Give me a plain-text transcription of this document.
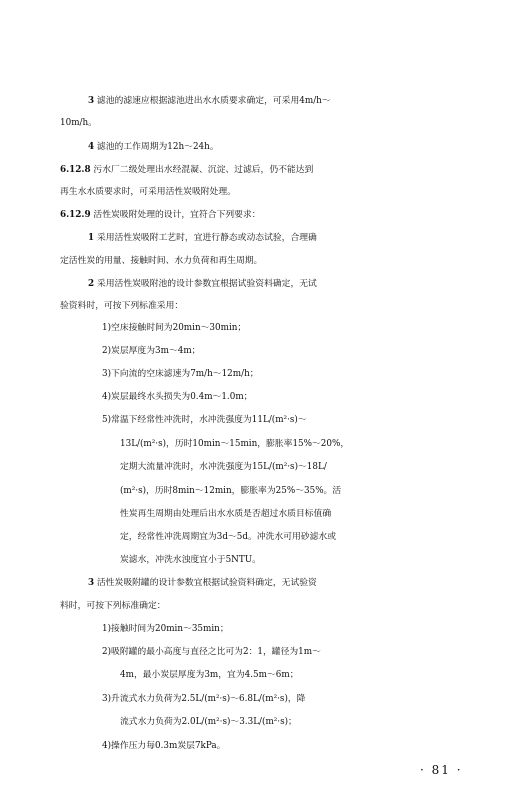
3 滤池的滤速应根据滤池进出水水质要求确定，可采用4m/h～
10m/h。
4 滤池的工作周期为12h～24h。
6.12.8 污水厂二级处理出水经混凝、沉淀、过滤后，仍不能达到
再生水水质要求时，可采用活性炭吸附处理。
6.12.9 活性炭吸附处理的设计，宜符合下列要求：
1 采用活性炭吸附工艺时，宜进行静态或动态试验，合理确
定活性炭的用量、接触时间、水力负荷和再生周期。
2 采用活性炭吸附池的设计参数宜根据试验资料确定，无试
验资料时，可按下列标准采用：
1)空床接触时间为20min～30min；
2)炭层厚度为3m～4m；
3)下向流的空床滤速为7m/h～12m/h；
4)炭层最终水头损失为0.4m～1.0m；
5)常温下经常性冲洗时，水冲洗强度为11L/(m²·s)～
13L/(m²·s)，历时10min～15min，膨胀率15%～20%，
定期大流量冲洗时，水冲洗强度为15L/(m²·s)～18L/
(m²·s)，历时8min～12min，膨胀率为25%～35%。活
性炭再生周期由处理后出水水质是否超过水质目标值确
定，经常性冲洗周期宜为3d～5d。冲洗水可用砂滤水或
炭滤水，冲洗水浊度宜小于5NTU。
3 活性炭吸附罐的设计参数宜根据试验资料确定，无试验资
料时，可按下列标准确定：
1)接触时间为20min～35min；
2)吸附罐的最小高度与直径之比可为2：1，罐径为1m～
4m，最小炭层厚度为3m，宜为4.5m～6m；
3)升流式水力负荷为2.5L/(m²·s)～6.8L/(m²·s)，降
流式水力负荷为2.0L/(m²·s)～3.3L/(m²·s)；
4)操作压力每0.3m炭层7kPa。
· 81 ·
